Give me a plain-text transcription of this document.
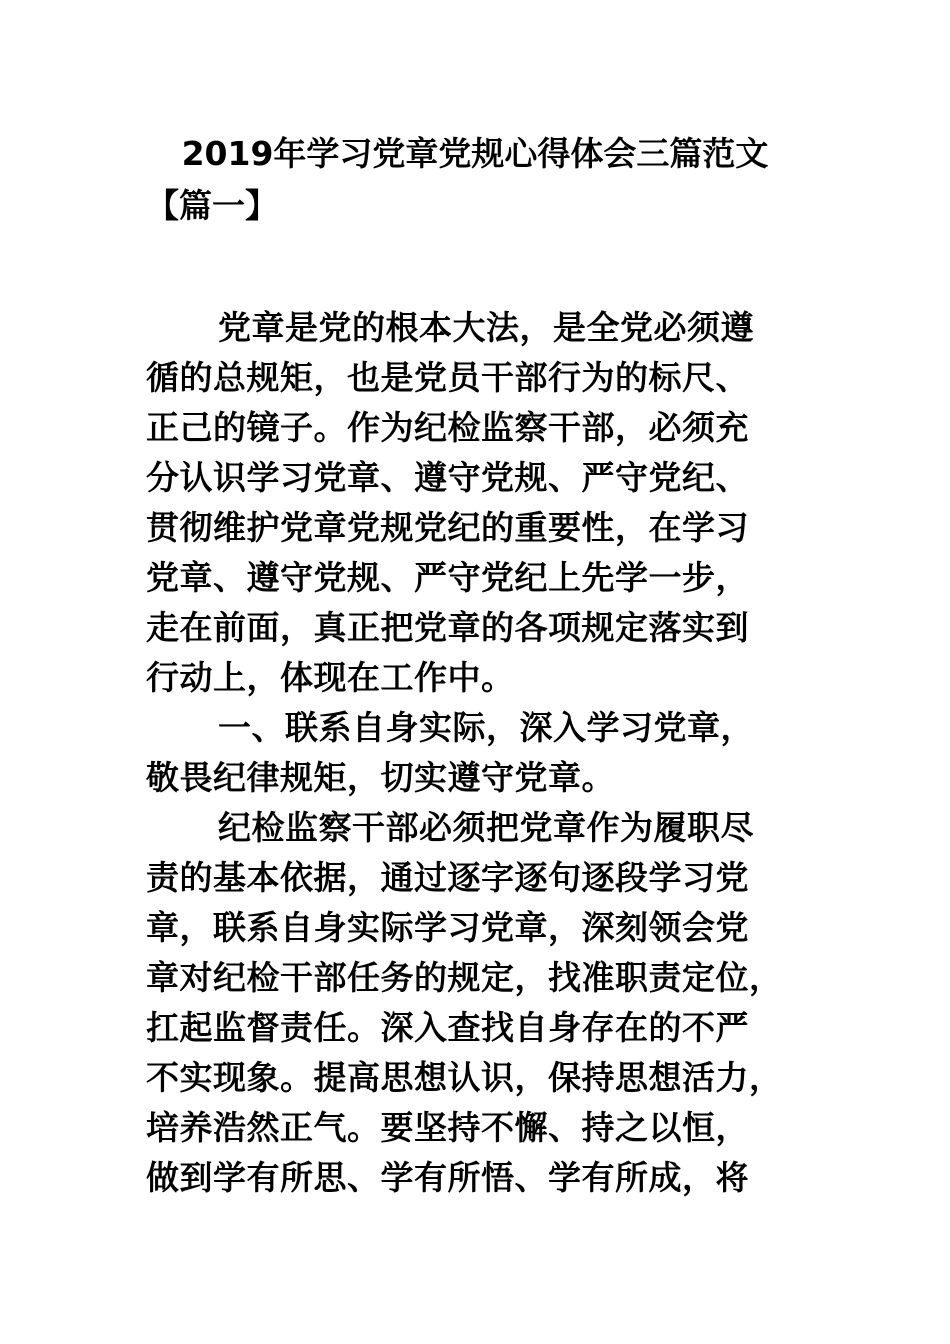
2019年学习党章党规心得体会三篇范文
【篇一】
党章是党的根本大法，是全党必须遵
循的总规矩，也是党员干部行为的标尺、
正己的镜子。作为纪检监察干部，必须充
分认识学习党章、遵守党规、严守党纪、
贯彻维护党章党规党纪的重要性，在学习
党章、遵守党规、严守党纪上先学一步，
走在前面，真正把党章的各项规定落实到
行动上，体现在工作中。
一、联系自身实际，深入学习党章，
敬畏纪律规矩，切实遵守党章。
纪检监察干部必须把党章作为履职尽
责的基本依据，通过逐字逐句逐段学习党
章，联系自身实际学习党章，深刻领会党
章对纪检干部任务的规定，找准职责定位，
扛起监督责任。深入查找自身存在的不严
不实现象。提高思想认识，保持思想活力，
培养浩然正气。要坚持不懈、持之以恒，
做到学有所思、学有所悟、学有所成，将
